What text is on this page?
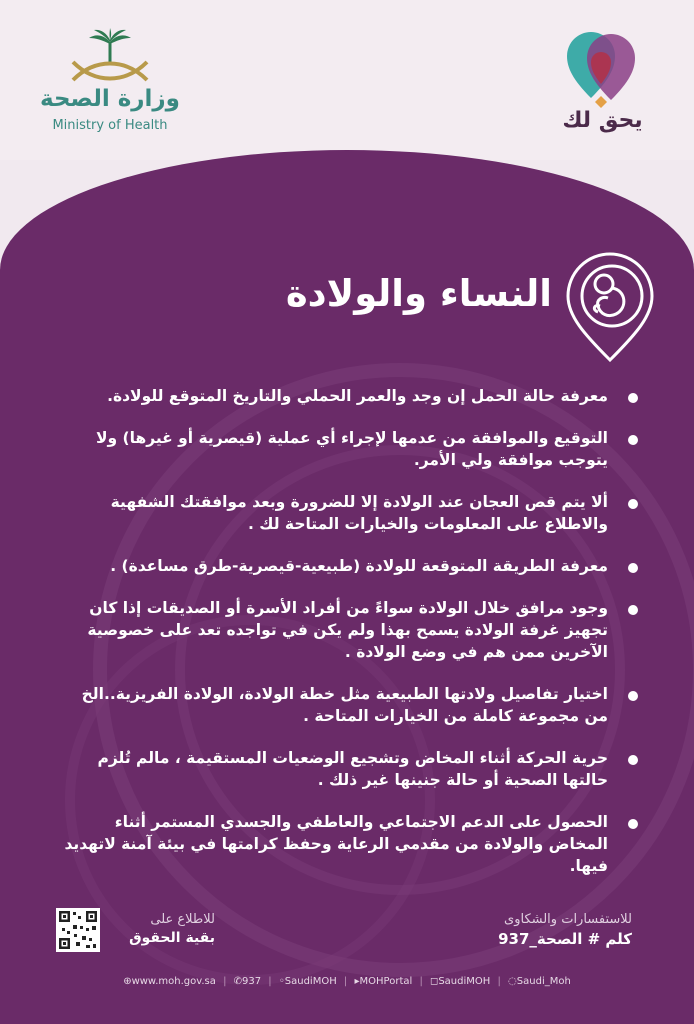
وزارة الصحة
Ministry of Health	يحق لك
النساء والولادة
معرفة حالة الحمل إن وجد والعمر الحملي والتاريخ المتوقع للولادة.
التوقيع والموافقة من عدمها لإجراء أي عملية (قيصرية أو غيرها) ولا يتوجب موافقة ولي الأمر.
ألا يتم قص العجان عند الولادة إلا للضرورة وبعد موافقتك الشفهية والاطلاع على المعلومات والخيارات المتاحة لك .
معرفة الطريقة المتوقعة للولادة (طبيعية-قيصرية-طرق مساعدة) .
وجود مرافق خلال الولادة سواءً من أفراد الأسرة أو الصديقات إذا كان تجهيز غرفة الولادة يسمح بهذا ولم يكن في تواجده تعد على خصوصية الآخرين ممن هم في وضع الولادة .
اختيار تفاصيل ولادتها الطبيعية مثل خطة الولادة، الولادة الفريزية..الخ من مجموعة كاملة من الخيارات المتاحة .
حرية الحركة أثناء المخاض وتشجيع الوضعيات المستقيمة ، مالم تُلزم حالتها الصحية أو حالة جنينها غير ذلك .
الحصول على الدعم الاجتماعي والعاطفي والجسدي المستمر أثناء المخاض والولادة من مقدمي الرعاية وحفظ كرامتها في بيئة آمنة لاتهديد فيها.
للاستفسارات والشكاوى
كلم # الصحة_937
للاطلاع على
بقية الحقوق
⊕www.moh.gov.sa | ✆937 | ◦SaudiMOH | ▸MOHPortal | ◻SaudiMOH | ◌Saudi_Moh
